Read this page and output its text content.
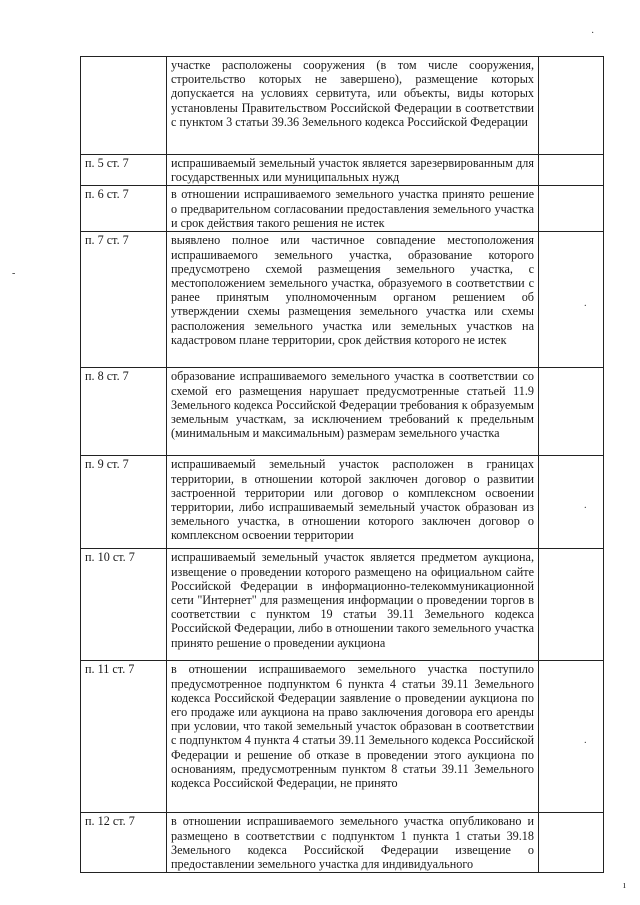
·
-
ı
	участке расположены сооружения (в том числе сооружения, строительство которых не завершено), размещение которых допускается на условиях сервитута, или объекты, виды которых установлены Правительством Российской Федерации в соответствии с пунктом 3 статьи 39.36 Земельного кодекса Российской Федерации	
п. 5 ст. 7	испрашиваемый земельный участок является зарезервированным для государственных или муниципальных нужд	
п. 6 ст. 7	в отношении испрашиваемого земельного участка принято решение о предварительном согласовании предоставления земельного участка и срок действия такого решения не истек	
п. 7 ст. 7	выявлено полное или частичное совпадение местоположения испрашиваемого земельного участка, образование которого предусмотрено схемой размещения земельного участка, с местоположением земельного участка, образуемого в соответствии с ранее принятым уполномоченным органом решением об утверждении схемы размещения земельного участка или схемы расположения земельного участка или земельных участков на кадастровом плане территории, срок действия которого не истек	·

п. 8 ст. 7	образование испрашиваемого земельного участка в соответствии со схемой его размещения нарушает предусмотренные статьей 11.9 Земельного кодекса Российской Федерации требования к образуемым земельным участкам, за исключением требований к предельным (минимальным и максимальным) размерам земельного участка	
п. 9 ст. 7	испрашиваемый земельный участок расположен в границах территории, в отношении которой заключен договор о развитии застроенной территории или договор о комплексном освоении территории, либо испрашиваемый земельный участок образован из земельного участка, в отношении которого заключен договор о комплексном освоении территории	·

п. 10 ст. 7	испрашиваемый земельный участок является предметом аукциона, извещение о проведении которого размещено на официальном сайте Российской Федерации в информационно-телекоммуникационной сети "Интернет" для размещения информации о проведении торгов в соответствии с пунктом 19 статьи 39.11 Земельного кодекса Российской Федерации, либо в отношении такого земельного участка принято решение о проведении аукциона	
п. 11 ст. 7	в отношении испрашиваемого земельного участка поступило предусмотренное подпунктом 6 пункта 4 статьи 39.11 Земельного кодекса Российской Федерации заявление о проведении аукциона по его продаже или аукциона на право заключения договора его аренды при условии, что такой земельный участок образован в соответствии с подпунктом 4 пункта 4 статьи 39.11 Земельного кодекса Российской Федерации и решение об отказе в проведении этого аукциона по основаниям, предусмотренным пунктом 8 статьи 39.11 Земельного кодекса Российской Федерации, не принято	·

п. 12 ст. 7	в отношении испрашиваемого земельного участка опубликовано и размещено в соответствии с подпунктом 1 пункта 1 статьи 39.18 Земельного кодекса Российской Федерации извещение о предоставлении земельного участка для индивидуального	
